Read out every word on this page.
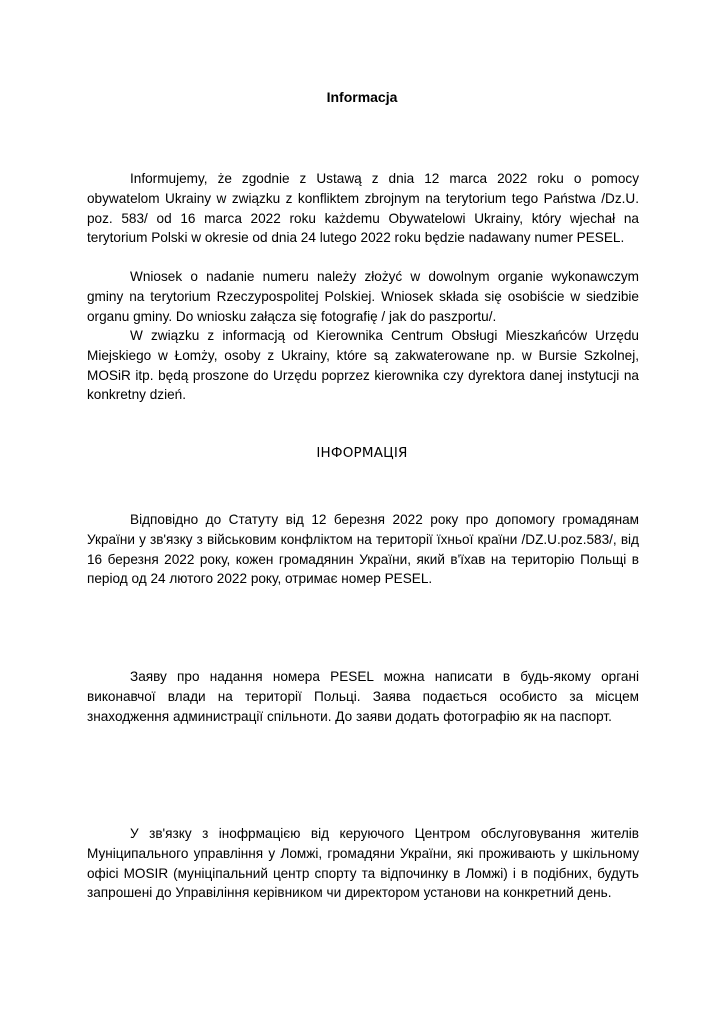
Informacja

Informujemy, że zgodnie z Ustawą z dnia 12 marca 2022 roku o pomocy obywatelom Ukrainy w związku z konfliktem zbrojnym na terytorium tego Państwa /Dz.U. poz. 583/ od 16 marca 2022 roku każdemu Obywatelowi Ukrainy, który wjechał na terytorium Polski w okresie od dnia 24 lutego 2022 roku będzie nadawany numer PESEL.

Wniosek o nadanie numeru należy złożyć w dowolnym organie wykonawczym gminy na terytorium Rzeczypospolitej Polskiej. Wniosek składa się osobiście w siedzibie organu gminy. Do wniosku załącza się fotografię / jak do paszportu/.

W związku z informacją od Kierownika Centrum Obsługi Mieszkańców Urzędu Miejskiego w Łomży, osoby z Ukrainy, które są zakwaterowane np. w Bursie Szkolnej, MOSiR itp. będą proszone do Urzędu poprzez kierownika czy dyrektora danej instytucji na konkretny dzień.

ІНФОРМАЦІЯ

Відповідно до Статуту від 12 березня 2022 року про допомогу громадянам України у зв'язку з військовим конфліктом на території їхньої країни /DZ.U.poz.583/, від 16 березня 2022 року, кожен громадянин України, який в'їхав на територію Польщі в період од 24 лютого 2022 року, отримає номер PESEL.

Заяву про надання номера PESEL можна написати в будь-якому органі виконавчої влади на території Польці. Заява подається особисто за місцем знаходження администрації спільноти. До заяви додать фотографію як на паспорт.

У зв'язку з інофрмацією від керуючого Центром обслуговування жителів Муніципального управління у Ломжі, громадяни України, які проживають у шкільному офісі MOSIR (муніціпальний центр спорту та відпочинку в Ломжі) і в подібних, будуть запрошені до Управіління керівником чи директором установи на конкретний день.
